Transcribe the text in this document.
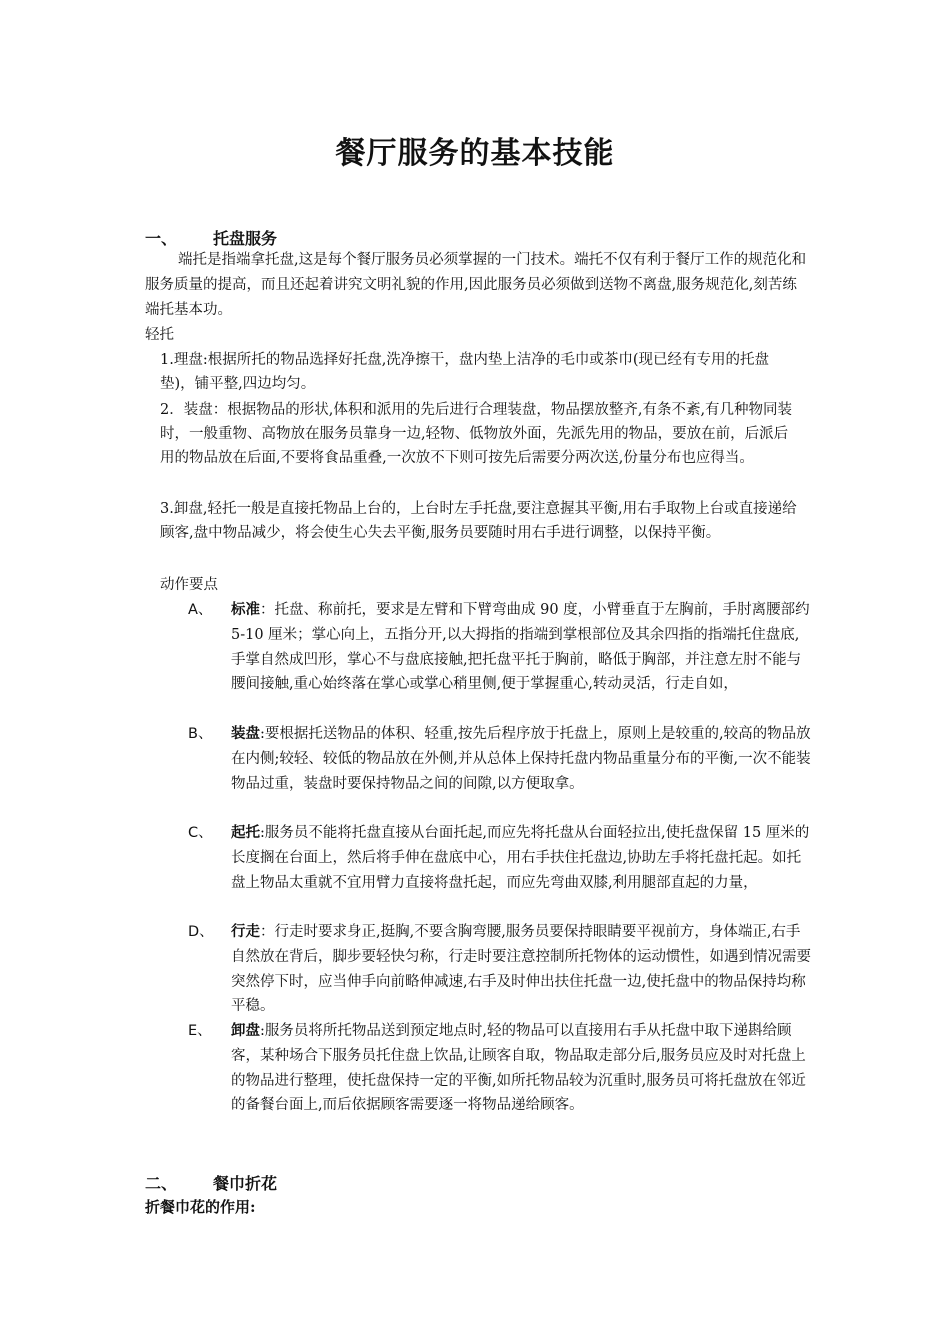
餐厅服务的基本技能
一、 托盘服务
端托是指端拿托盘,这是每个餐厅服务员必须掌握的一门技术。端托不仅有利于餐厅工作的规范化和服务质量的提高，而且还起着讲究文明礼貌的作用,因此服务员必须做到送物不离盘,服务规范化,刻苦练端托基本功。
轻托
1.理盘:根据所托的物品选择好托盘,洗净擦干，盘内垫上洁净的毛巾或茶巾(现已经有专用的托盘垫)，铺平整,四边均匀。
2．装盘：根据物品的形状,体积和派用的先后进行合理装盘，物品摆放整齐,有条不紊,有几种物同装时，一般重物、高物放在服务员靠身一边,轻物、低物放外面，先派先用的物品，要放在前，后派后用的物品放在后面,不要将食品重叠,一次放不下则可按先后需要分两次送,份量分布也应得当。
3.卸盘,轻托一般是直接托物品上台的，上台时左手托盘,要注意握其平衡,用右手取物上台或直接递给顾客,盘中物品减少，将会使生心失去平衡,服务员要随时用右手进行调整，以保持平衡。
动作要点
A、 标准：托盘、称前托，要求是左臂和下臂弯曲成 90 度，小臂垂直于左胸前，手肘离腰部约 5-10 厘米；掌心向上，五指分开,以大拇指的指端到掌根部位及其余四指的指端托住盘底,手掌自然成凹形，掌心不与盘底接触,把托盘平托于胸前，略低于胸部，并注意左肘不能与腰间接触,重心始终落在掌心或掌心稍里侧,便于掌握重心,转动灵活，行走自如，
B、 装盘:要根据托送物品的体积、轻重,按先后程序放于托盘上，原则上是较重的,较高的物品放在内侧;较轻、较低的物品放在外侧,并从总体上保持托盘内物品重量分布的平衡,一次不能装物品过重，装盘时要保持物品之间的间隙,以方便取拿。
C、 起托:服务员不能将托盘直接从台面托起,而应先将托盘从台面轻拉出,使托盘保留 15 厘米的长度搁在台面上，然后将手伸在盘底中心，用右手扶住托盘边,协助左手将托盘托起。如托盘上物品太重就不宜用臂力直接将盘托起，而应先弯曲双膝,利用腿部直起的力量，
D、 行走：行走时要求身正,挺胸,不要含胸弯腰,服务员要保持眼睛要平视前方，身体端正,右手自然放在背后，脚步要轻快匀称，行走时要注意控制所托物体的运动惯性，如遇到情况需要突然停下时，应当伸手向前略伸减速,右手及时伸出扶住托盘一边,使托盘中的物品保持均称平稳。
E、 卸盘:服务员将所托物品送到预定地点时,轻的物品可以直接用右手从托盘中取下递斟给顾客，某种场合下服务员托住盘上饮品,让顾客自取，物品取走部分后,服务员应及时对托盘上的物品进行整理，使托盘保持一定的平衡,如所托物品较为沉重时,服务员可将托盘放在邻近的备餐台面上,而后依据顾客需要逐一将物品递给顾客。
二、 餐巾折花
折餐巾花的作用:
